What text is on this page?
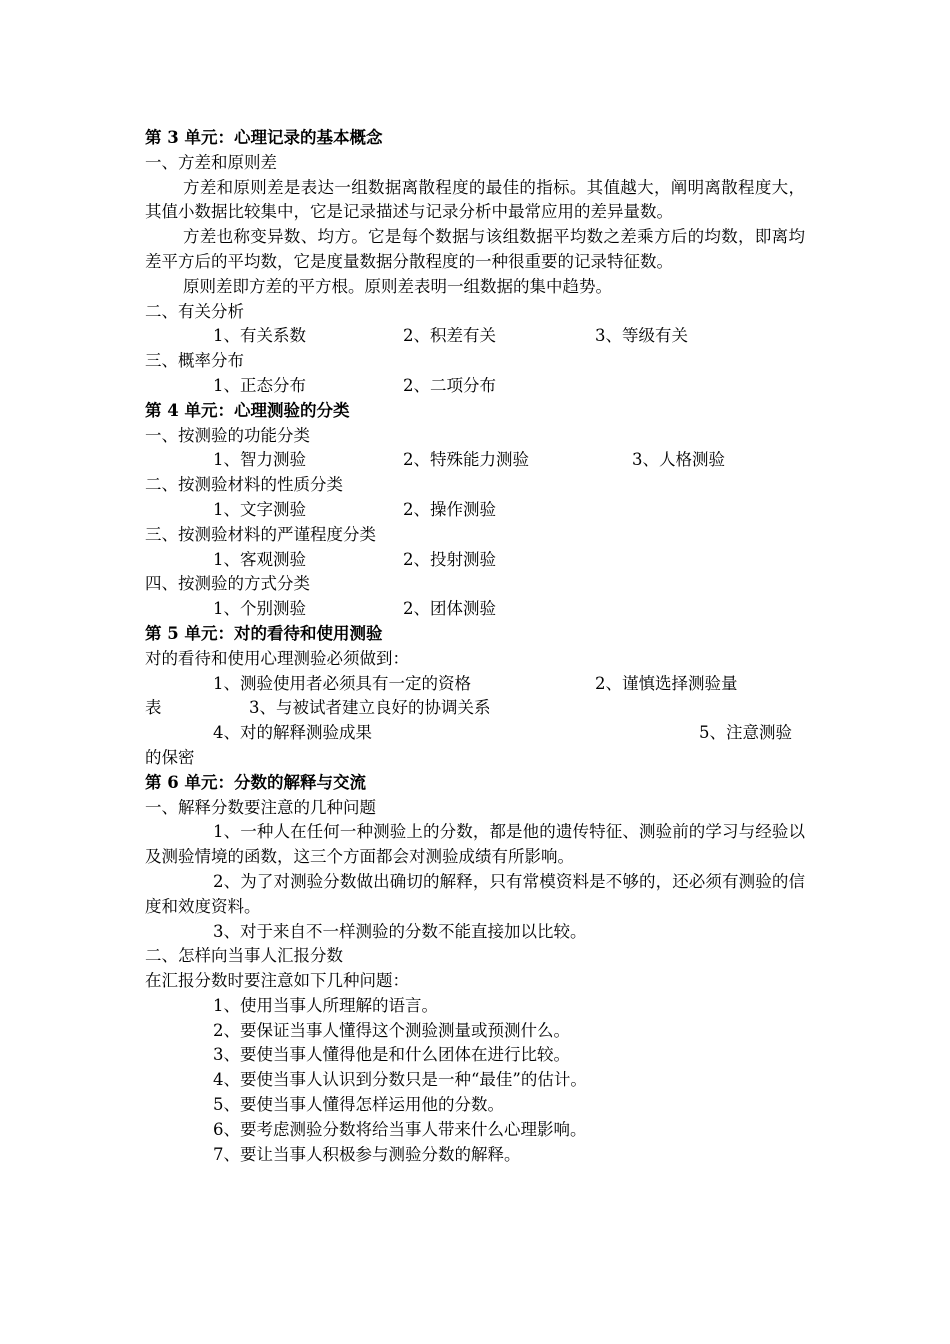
第 3 单元：心理记录的基本概念
一、方差和原则差
方差和原则差是表达一组数据离散程度的最佳的指标。其值越大，阐明离散程度大，其值小数据比较集中，它是记录描述与记录分析中最常应用的差异量数。
方差也称变异数、均方。它是每个数据与该组数据平均数之差乘方后的均数，即离均差平方后的平均数，它是度量数据分散程度的一种很重要的记录特征数。
原则差即方差的平方根。原则差表明一组数据的集中趋势。
二、有关分析
1、有关系数	2、积差有关	3、等级有关
三、概率分布
1、正态分布	2、二项分布
第 4 单元：心理测验的分类
一、按测验的功能分类
1、智力测验	2、特殊能力测验	3、人格测验
二、按测验材料的性质分类
1、文字测验	2、操作测验
三、按测验材料的严谨程度分类
1、客观测验	2、投射测验
四、按测验的方式分类
1、个别测验	2、团体测验
第 5 单元：对的看待和使用测验
对的看待和使用心理测验必须做到：
1、测验使用者必须具有一定的资格	2、谨慎选择测验量
表	3、与被试者建立良好的协调关系
4、对的解释测验成果	5、注意测验
的保密
第 6 单元：分数的解释与交流
一、解释分数要注意的几种问题
1、一种人在任何一种测验上的分数，都是他的遗传特征、测验前的学习与经验以及测验情境的函数，这三个方面都会对测验成绩有所影响。
2、为了对测验分数做出确切的解释，只有常模资料是不够的，还必须有测验的信度和效度资料。
3、对于来自不一样测验的分数不能直接加以比较。
二、怎样向当事人汇报分数
在汇报分数时要注意如下几种问题：
1、使用当事人所理解的语言。
2、要保证当事人懂得这个测验测量或预测什么。
3、要使当事人懂得他是和什么团体在进行比较。
4、要使当事人认识到分数只是一种“最佳”的估计。
5、要使当事人懂得怎样运用他的分数。
6、要考虑测验分数将给当事人带来什么心理影响。
7、要让当事人积极参与测验分数的解释。
